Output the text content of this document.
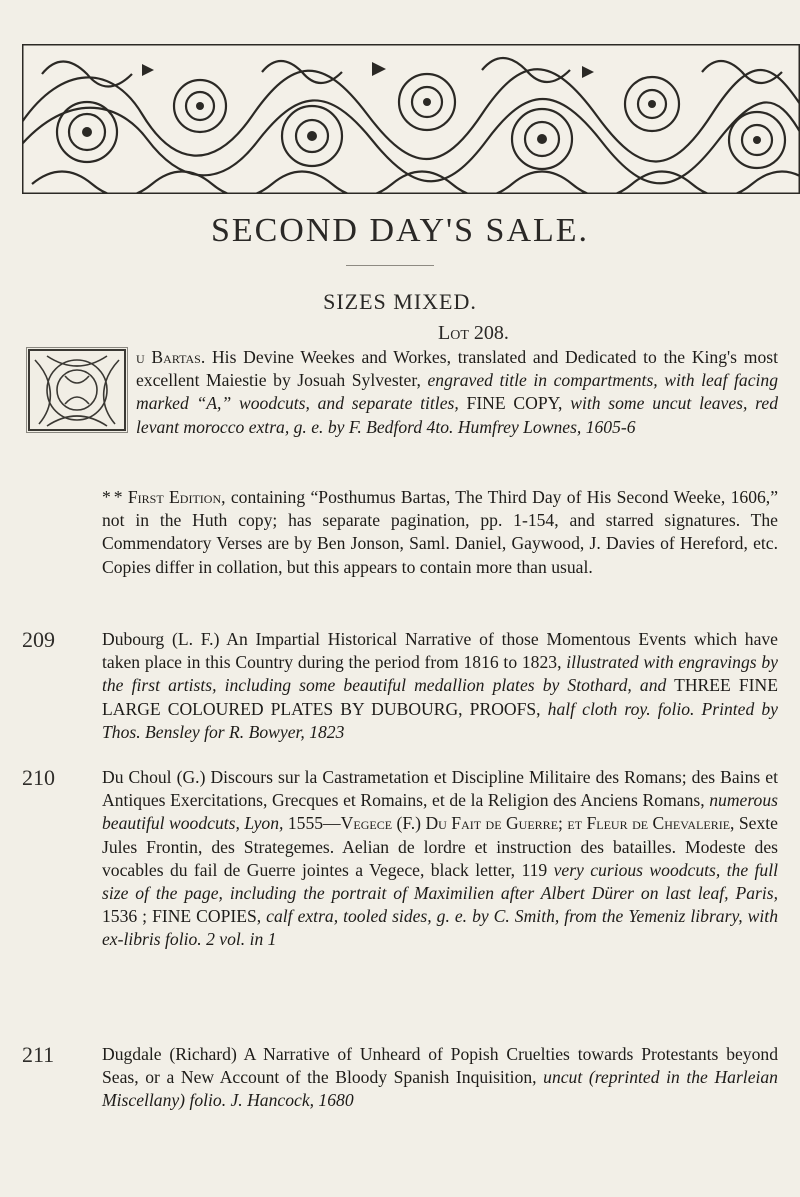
SECOND DAY'S SALE.
SIZES MIXED.
Lot 208.
u Bartas. His Devine Weekes and Workes, translated and Dedicated to the King's most excellent Maiestie by Josuah Sylvester, engraved title in compartments, with leaf facing marked “A,” woodcuts, and separate titles, FINE COPY, with some uncut leaves, red levant morocco extra, g. e. by F. Bedford 4to. Humfrey Lownes, 1605-6
* * First Edition, containing “Posthumus Bartas, The Third Day of His Second Weeke, 1606,” not in the Huth copy; has separate pagination, pp. 1-154, and starred signatures. The Commendatory Verses are by Ben Jonson, Saml. Daniel, Gaywood, J. Davies of Hereford, etc. Copies differ in collation, but this appears to contain more than usual.
209	Dubourg (L. F.) An Impartial Historical Narrative of those Momentous Events which have taken place in this Country during the period from 1816 to 1823, illustrated with engravings by the first artists, including some beautiful medallion plates by Stothard, and THREE FINE LARGE COLOURED PLATES BY DUBOURG, PROOFS, half cloth roy. folio. Printed by Thos. Bensley for R. Bowyer, 1823
210	Du Choul (G.) Discours sur la Castrametation et Discipline Militaire des Romans; des Bains et Antiques Exercitations, Grecques et Romains, et de la Religion des Anciens Romans, numerous beautiful woodcuts, Lyon, 1555—Vegece (F.) Du Fait de Guerre; et Fleur de Chevalerie, Sexte Jules Frontin, des Strategemes. Aelian de lordre et instruction des batailles. Modeste des vocables du fail de Guerre jointes a Vegece, black letter, 119 very curious woodcuts, the full size of the page, including the portrait of Maximilien after Albert Dürer on last leaf, Paris, 1536 ; FINE COPIES, calf extra, tooled sides, g. e. by C. Smith, from the Yemeniz library, with ex-libris folio. 2 vol. in 1
211	Dugdale (Richard) A Narrative of Unheard of Popish Cruelties towards Protestants beyond Seas, or a New Account of the Bloody Spanish Inquisition, uncut (reprinted in the Harleian Miscellany) folio. J. Hancock, 1680
